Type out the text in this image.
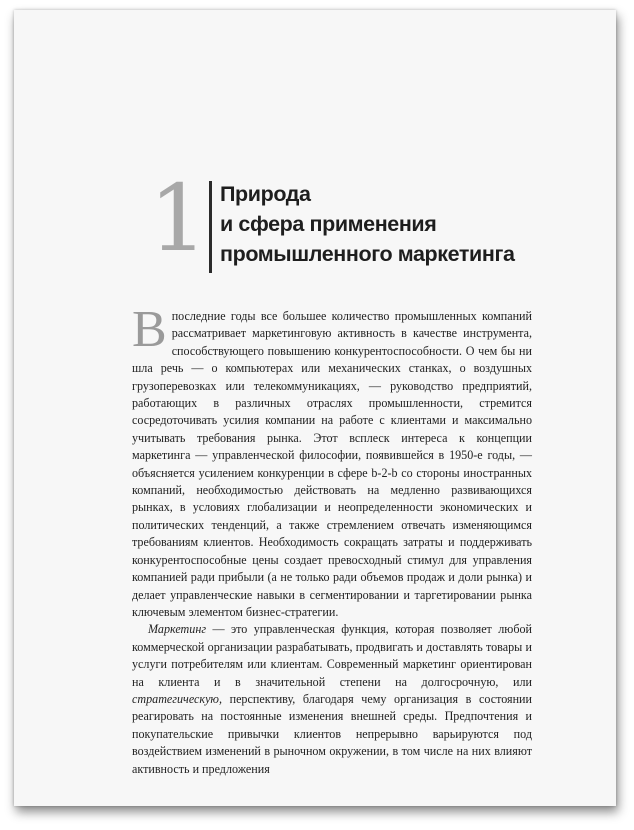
1 Природа
и сфера применения
промышленного маркетинга

Впоследние годы все большее количество промышленных компаний рассматривает маркетинговую активность в качестве инструмента, способствующего повышению конкурентоспособности. О чем бы ни шла речь — о компьютерах или механических станках, о воздушных грузоперевозках или телекоммуникациях, — руководство предприятий, работающих в различных отраслях промышленности, стремится сосредоточивать усилия компании на работе с клиентами и максимально учитывать требования рынка. Этот всплеск интереса к концепции маркетинга — управленческой философии, появившейся в 1950-е годы, — объясняется усилением конкуренции в сфере b-2-b со стороны иностранных компаний, необходимостью действовать на медленно развивающихся рынках, в условиях глобализации и неопределенности экономических и политических тенденций, а также стремлением отвечать изменяющимся требованиям клиентов. Необходимость сокращать затраты и поддерживать конкурентоспособные цены создает превосходный стимул для управления компанией ради прибыли (а не только ради объемов продаж и доли рынка) и делает управленческие навыки в сегментировании и таргетировании рынка ключевым элементом бизнес-стратегии.

Маркетинг — это управленческая функция, которая позволяет любой коммерческой организации разрабатывать, продвигать и доставлять товары и услуги потребителям или клиентам. Современный маркетинг ориентирован на клиента и в значительной степени на долгосрочную, или стратегическую, перспективу, благодаря чему организация в состоянии реагировать на постоянные изменения внешней среды. Предпочтения и покупательские привычки клиентов непрерывно варьируются под воздействием изменений в рыночном окружении, в том числе на них влияют активность и предложения
